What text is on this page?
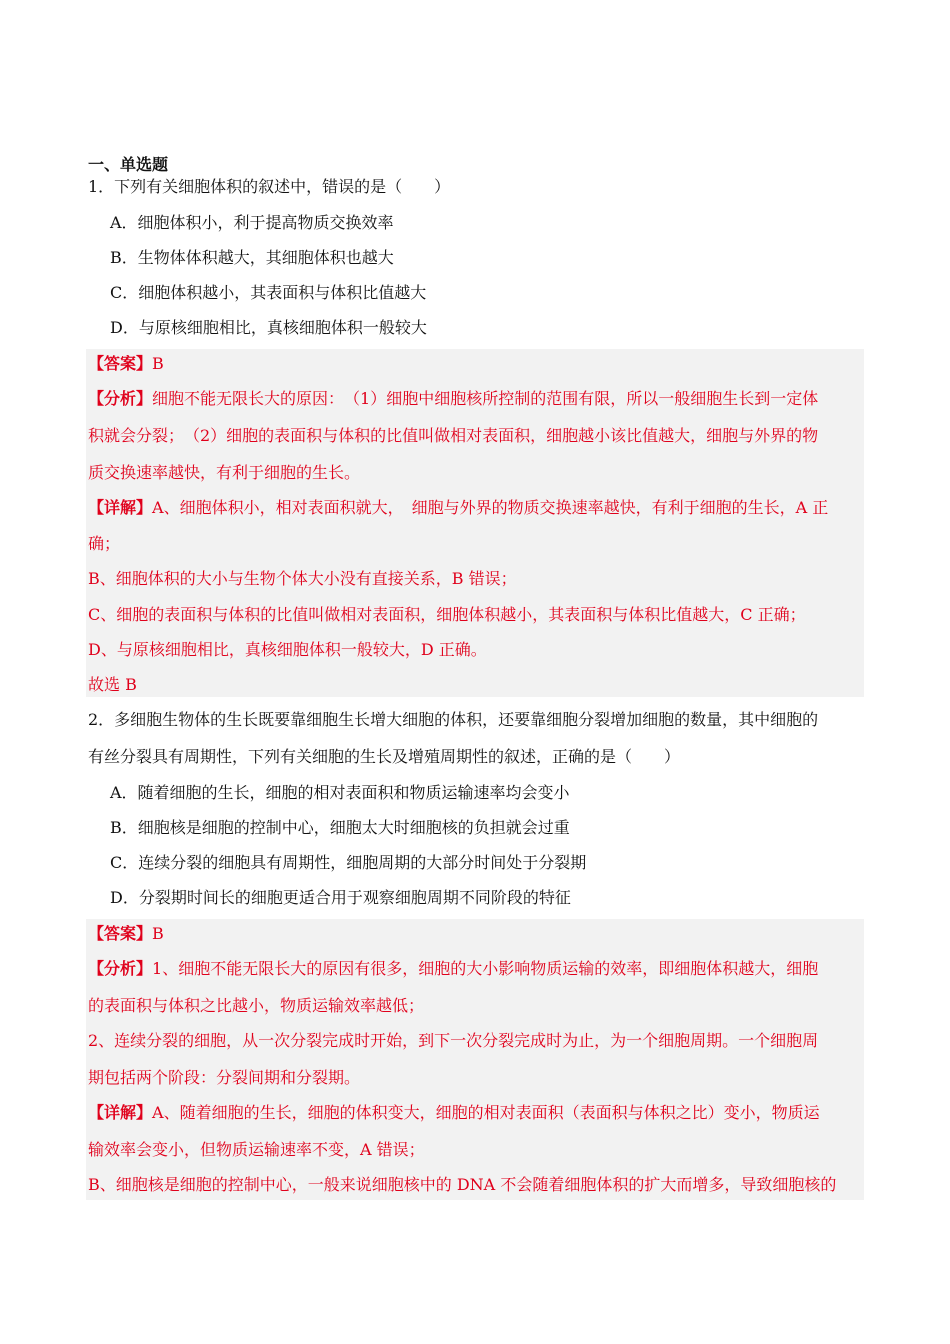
一、单选题
1．下列有关细胞体积的叙述中，错误的是（　　）
A．细胞体积小，利于提高物质交换效率
B．生物体体积越大，其细胞体积也越大
C．细胞体积越小，其表面积与体积比值越大
D．与原核细胞相比，真核细胞体积一般较大
【答案】B
【分析】细胞不能无限长大的原因：　（1）细胞中细胞核所控制的范围有限，所以一般细胞生长到一定体
积就会分裂；　（2）细胞的表面积与体积的比值叫做相对表面积，细胞越小该比值越大，细胞与外界的物
质交换速率越快，有利于细胞的生长。
【详解】A、细胞体积小，相对表面积就大，　细胞与外界的物质交换速率越快，有利于细胞的生长，A 正
确；
B、细胞体积的大小与生物个体大小没有直接关系，B 错误；
C、细胞的表面积与体积的比值叫做相对表面积，细胞体积越小，其表面积与体积比值越大，C 正确；
D、与原核细胞相比，真核细胞体积一般较大，D 正确。
故选 B
2．多细胞生物体的生长既要靠细胞生长增大细胞的体积，还要靠细胞分裂增加细胞的数量，其中细胞的
有丝分裂具有周期性，下列有关细胞的生长及增殖周期性的叙述，正确的是（　　）
A．随着细胞的生长，细胞的相对表面积和物质运输速率均会变小
B．细胞核是细胞的控制中心，细胞太大时细胞核的负担就会过重
C．连续分裂的细胞具有周期性，细胞周期的大部分时间处于分裂期
D．分裂期时间长的细胞更适合用于观察细胞周期不同阶段的特征
【答案】B
【分析】1、细胞不能无限长大的原因有很多，细胞的大小影响物质运输的效率，即细胞体积越大，细胞
的表面积与体积之比越小，物质运输效率越低；
2、连续分裂的细胞，从一次分裂完成时开始，到下一次分裂完成时为止，为一个细胞周期。一个细胞周
期包括两个阶段：分裂间期和分裂期。
【详解】A、随着细胞的生长，细胞的体积变大，细胞的相对表面积（表面积与体积之比）变小，物质运
输效率会变小，但物质运输速率不变，A 错误；
B、细胞核是细胞的控制中心，一般来说细胞核中的 DNA 不会随着细胞体积的扩大而增多，导致细胞核的
